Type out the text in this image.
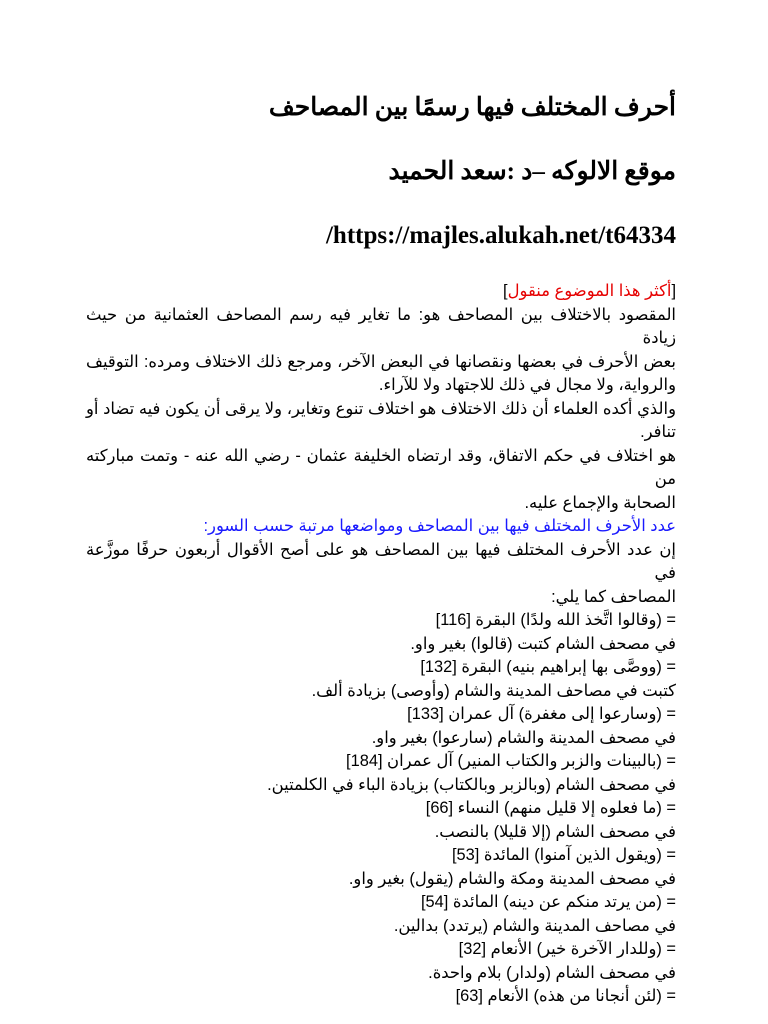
أحرف المختلف فيها رسمًا بين المصاحف
موقع الالوكه –د :سعد الحميد
/https://majles.alukah.net/t64334
[أكثر هذا الموضوع منقول]
المقصود بالاختلاف بين المصاحف هو: ما تغاير فيه رسم المصاحف العثمانية من حيث زيادة
بعض الأحرف في بعضها ونقصانها في البعض الآخر، ومرجع ذلك الاختلاف ومرده: التوقيف
والرواية، ولا مجال في ذلك للاجتهاد ولا للآراء.
والذي أكده العلماء أن ذلك الاختلاف هو اختلاف تنوع وتغاير، ولا يرقى أن يكون فيه تضاد أو
تنافر.
هو اختلاف في حكم الاتفاق، وقد ارتضاه الخليفة عثمان - رضي الله عنه - وتمت مباركته من
الصحابة والإجماع عليه.
عدد الأحرف المختلف فيها بين المصاحف ومواضعها مرتبة حسب السور:
إن عدد الأحرف المختلف فيها بين المصاحف هو على أصح الأقوال أربعون حرفًا موزَّعة في
المصاحف كما يلي:
= (وقالوا اتَّخذ الله ولدًا) البقرة [116]
في مصحف الشام كتبت (قالوا) بغير واو.
= (ووصَّى بها إبراهيم بنيه) البقرة [132]
كتبت في مصاحف المدينة والشام (وأوصى) بزيادة ألف.
= (وسارعوا إلى مغفرة) آل عمران [133]
في مصحف المدينة والشام (سارعوا) بغير واو.
= (بالبينات والزبر والكتاب المنير) آل عمران [184]
في مصحف الشام (وبالزبر وبالكتاب) بزيادة الباء في الكلمتين.
= (ما فعلوه إلا قليل منهم) النساء [66]
في مصحف الشام (إلا قليلا) بالنصب.
= (ويقول الذين آمنوا) المائدة [53]
في مصحف المدينة ومكة والشام (يقول) بغير واو.
= (من يرتد منكم عن دينه) المائدة [54]
في مصاحف المدينة والشام (يرتدد) بدالين.
= (وللدار الآخرة خير) الأنعام [32]
في مصحف الشام (ولدار) بلام واحدة.
= (لئن أنجانا من هذه) الأنعام [63]
